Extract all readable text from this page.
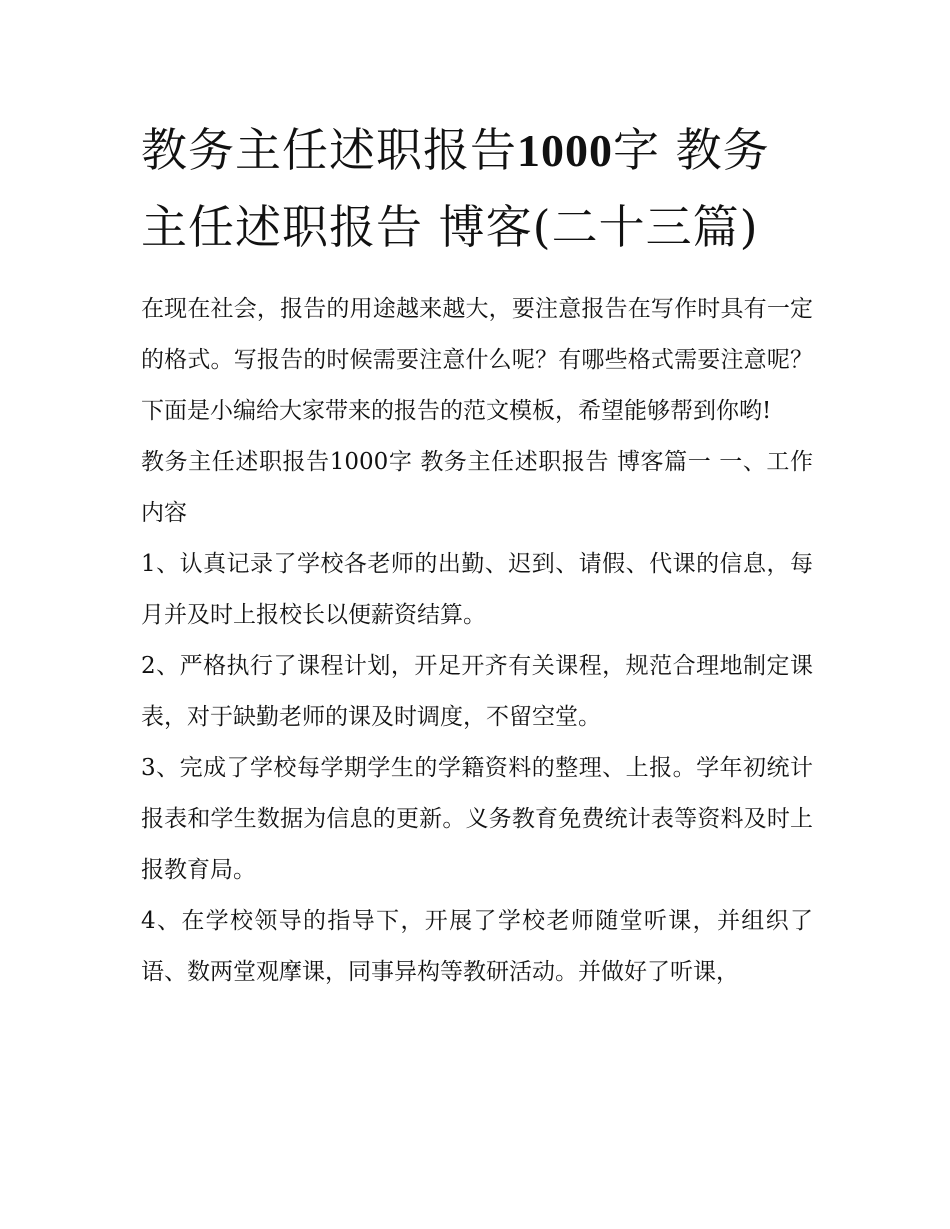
教务主任述职报告1000字 教务主任述职报告 博客(二十三篇)

在现在社会，报告的用途越来越大，要注意报告在写作时具有一定的格式。写报告的时候需要注意什么呢？有哪些格式需要注意呢？下面是小编给大家带来的报告的范文模板，希望能够帮到你哟!

教务主任述职报告1000字 教务主任述职报告 博客篇一 一、工作内容

1、认真记录了学校各老师的出勤、迟到、请假、代课的信息，每月并及时上报校长以便薪资结算。

2、严格执行了课程计划，开足开齐有关课程，规范合理地制定课表，对于缺勤老师的课及时调度，不留空堂。

3、完成了学校每学期学生的学籍资料的整理、上报。学年初统计报表和学生数据为信息的更新。义务教育免费统计表等资料及时上报教育局。

4、在学校领导的指导下，开展了学校老师随堂听课，并组织了语、数两堂观摩课，同事异构等教研活动。并做好了听课，
